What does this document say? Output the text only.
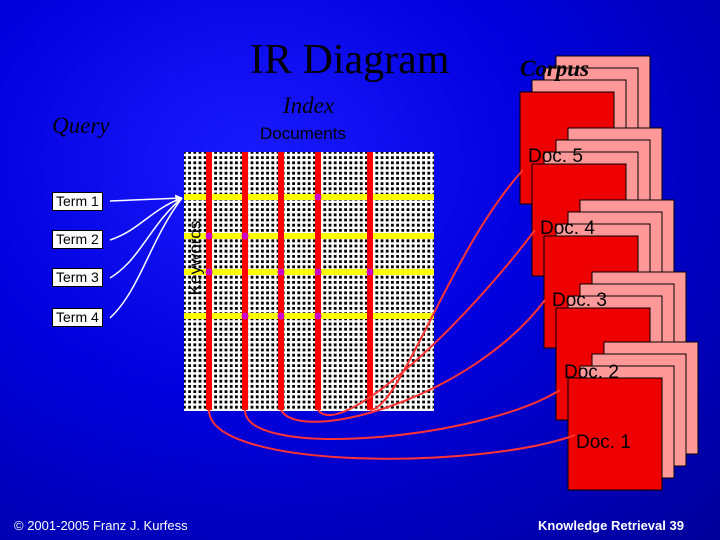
IR Diagram	Corpus
Index
Query	Documents
Term 1
Term 2
Term 3
Term 4
Keywords
Doc. 5
Doc. 4
Doc. 3
Doc. 2
Doc. 1
© 2001-2005 Franz J. Kurfess	Knowledge Retrieval 39
